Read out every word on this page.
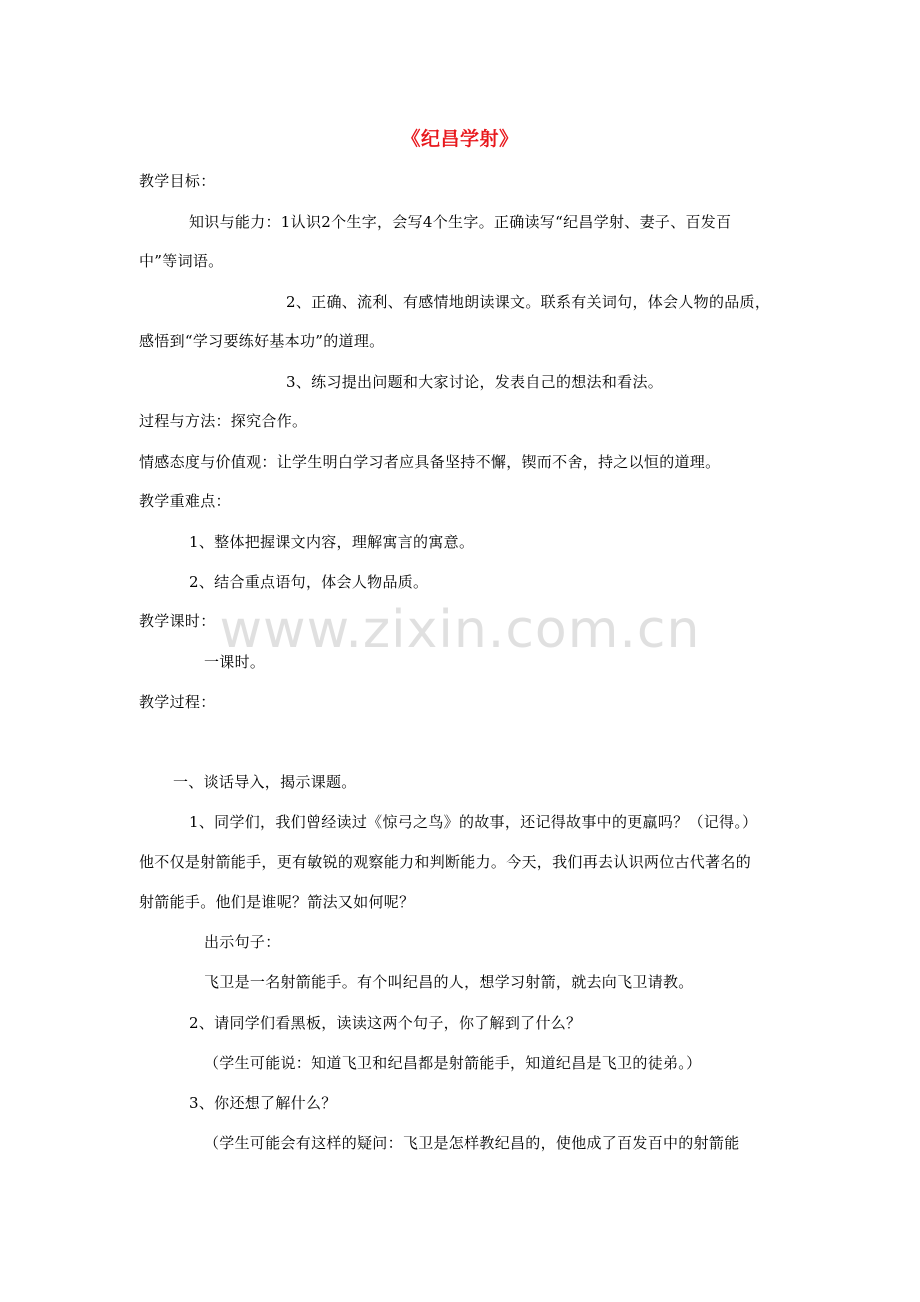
《纪昌学射》
教学目标：
知识与能力：1认识2个生字，会写4个生字。正确读写“纪昌学射、妻子、百发百
中”等词语。
2、正确、流利、有感情地朗读课文。联系有关词句，体会人物的品质，
感悟到“学习要练好基本功”的道理。
3、练习提出问题和大家讨论，发表自己的想法和看法。
过程与方法：探究合作。
情感态度与价值观：让学生明白学习者应具备坚持不懈，锲而不舍，持之以恒的道理。
教学重难点：
1、整体把握课文内容，理解寓言的寓意。
2、结合重点语句，体会人物品质。
教学课时：
一课时。
教学过程：
一、谈话导入，揭示课题。
1、同学们，我们曾经读过《惊弓之鸟》的故事，还记得故事中的更羸吗？（记得。）
他不仅是射箭能手，更有敏锐的观察能力和判断能力。今天，我们再去认识两位古代著名的
射箭能手。他们是谁呢？箭法又如何呢？
出示句子：
飞卫是一名射箭能手。有个叫纪昌的人，想学习射箭，就去向飞卫请教。
2、请同学们看黑板，读读这两个句子，你了解到了什么？
（学生可能说：知道飞卫和纪昌都是射箭能手，知道纪昌是飞卫的徒弟。）
3、你还想了解什么？
（学生可能会有这样的疑问：飞卫是怎样教纪昌的，使他成了百发百中的射箭能
www.zixin.com.cn
